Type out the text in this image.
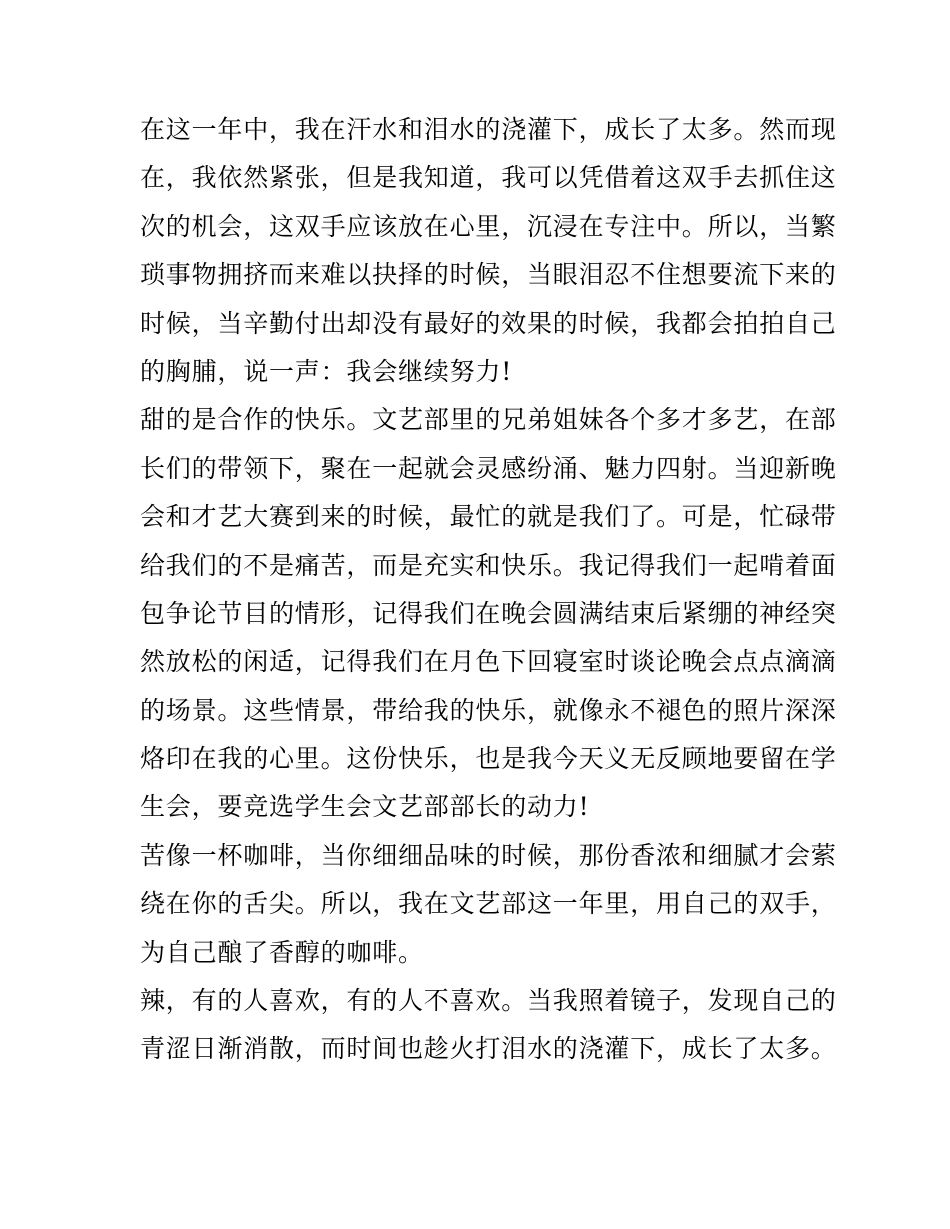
在这一年中，我在汗水和泪水的浇灌下，成长了太多。然而现
在，我依然紧张，但是我知道，我可以凭借着这双手去抓住这
次的机会，这双手应该放在心里，沉浸在专注中。所以，当繁
琐事物拥挤而来难以抉择的时候，当眼泪忍不住想要流下来的
时候，当辛勤付出却没有最好的效果的时候，我都会拍拍自己
的胸脯，说一声：我会继续努力!
甜的是合作的快乐。文艺部里的兄弟姐妹各个多才多艺，在部
长们的带领下，聚在一起就会灵感纷涌、魅力四射。当迎新晚
会和才艺大赛到来的时候，最忙的就是我们了。可是，忙碌带
给我们的不是痛苦，而是充实和快乐。我记得我们一起啃着面
包争论节目的情形，记得我们在晚会圆满结束后紧绷的神经突
然放松的闲适，记得我们在月色下回寝室时谈论晚会点点滴滴
的场景。这些情景，带给我的快乐，就像永不褪色的照片深深
烙印在我的心里。这份快乐，也是我今天义无反顾地要留在学
生会，要竞选学生会文艺部部长的动力!
苦像一杯咖啡，当你细细品味的时候，那份香浓和细腻才会萦
绕在你的舌尖。所以，我在文艺部这一年里，用自己的双手，
为自己酿了香醇的咖啡。
辣，有的人喜欢，有的人不喜欢。当我照着镜子，发现自己的
青涩日渐消散，而时间也趁火打泪水的浇灌下，成长了太多。
